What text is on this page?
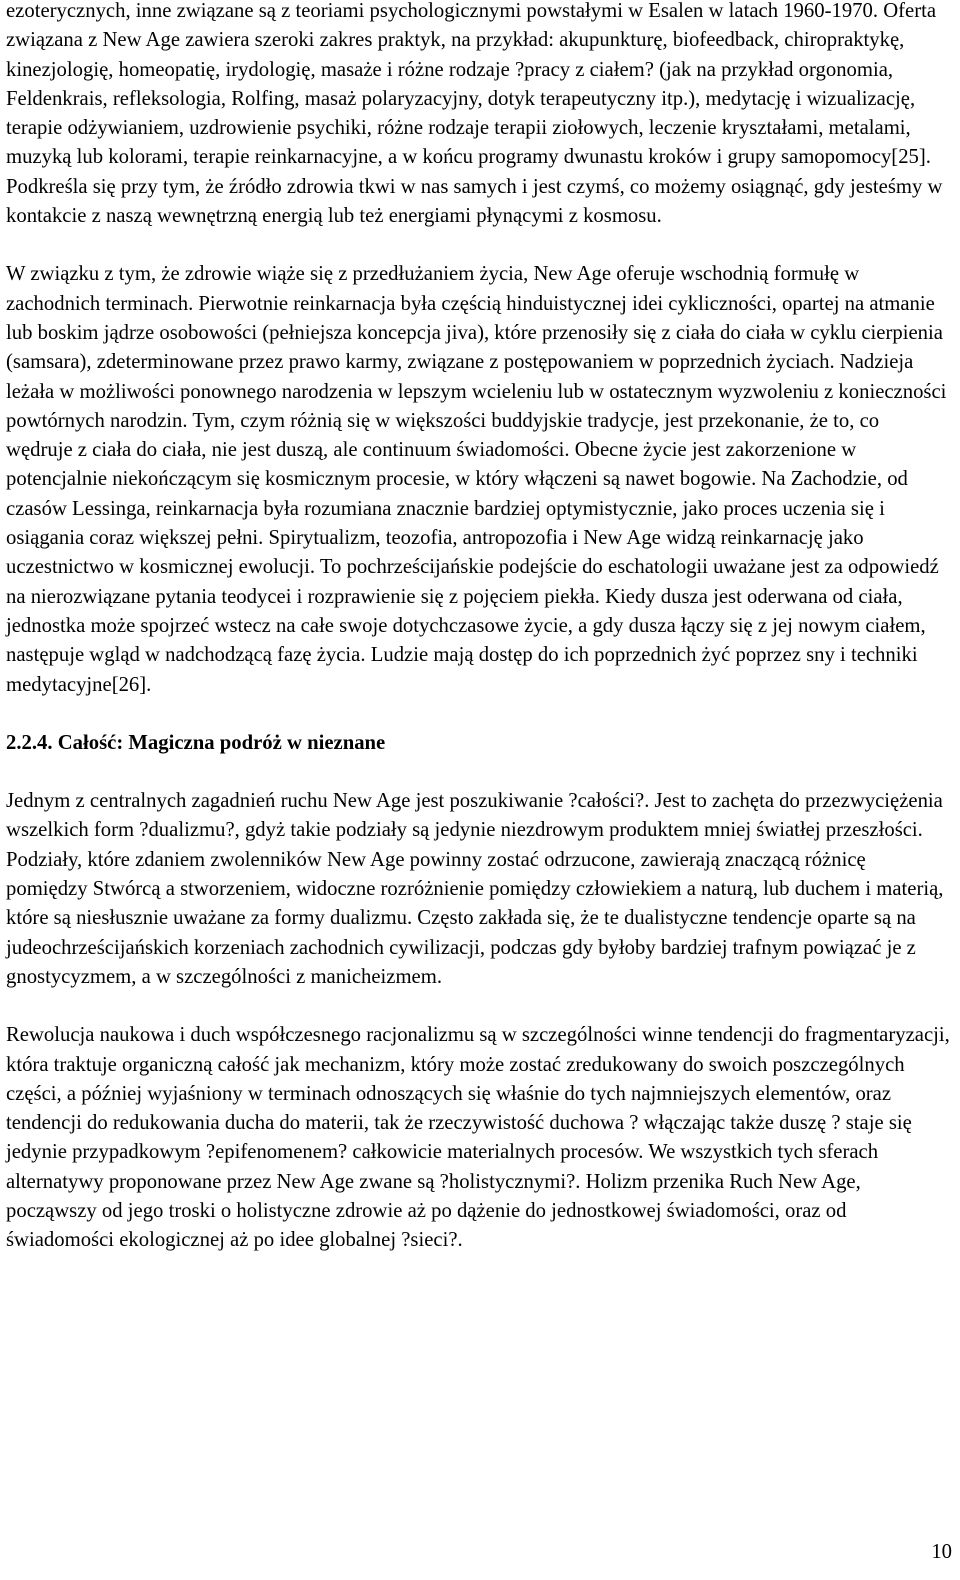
ezoterycznych, inne związane są z teoriami psychologicznymi powstałymi w Esalen w latach 1960-1970. Oferta związana z New Age zawiera szeroki zakres praktyk, na przykład: akupunkturę, biofeedback, chiropraktykę, kinezjologię, homeopatię, irydologię, masaże i różne rodzaje ?pracy z ciałem? (jak na przykład orgonomia, Feldenkrais, refleksologia, Rolfing, masaż polaryzacyjny, dotyk terapeutyczny itp.), medytację i wizualizację, terapie odżywianiem, uzdrowienie psychiki, różne rodzaje terapii ziołowych, leczenie kryształami, metalami, muzyką lub kolorami, terapie reinkarnacyjne, a w końcu programy dwunastu kroków i grupy samopomocy[25]. Podkreśla się przy tym, że źródło zdrowia tkwi w nas samych i jest czymś, co możemy osiągnąć, gdy jesteśmy w kontakcie z naszą wewnętrzną energią lub też energiami płynącymi z kosmosu.

W związku z tym, że zdrowie wiąże się z przedłużaniem życia, New Age oferuje wschodnią formułę w zachodnich terminach. Pierwotnie reinkarnacja była częścią hinduistycznej idei cykliczności, opartej na atmanie lub boskim jądrze osobowości (pełniejsza koncepcja jiva), które przenosiły się z ciała do ciała w cyklu cierpienia (samsara), zdeterminowane przez prawo karmy, związane z postępowaniem w poprzednich życiach. Nadzieja leżała w możliwości ponownego narodzenia w lepszym wcieleniu lub w ostatecznym wyzwoleniu z konieczności powtórnych narodzin. Tym, czym różnią się w większości buddyjskie tradycje, jest przekonanie, że to, co wędruje z ciała do ciała, nie jest duszą, ale continuum świadomości. Obecne życie jest zakorzenione w potencjalnie niekończącym się kosmicznym procesie, w który włączeni są nawet bogowie. Na Zachodzie, od czasów Lessinga, reinkarnacja była rozumiana znacznie bardziej optymistycznie, jako proces uczenia się i osiągania coraz większej pełni. Spirytualizm, teozofia, antropozofia i New Age widzą reinkarnację jako uczestnictwo w kosmicznej ewolucji. To pochrześcijańskie podejście do eschatologii uważane jest za odpowiedź na nierozwiązane pytania teodycei i rozprawienie się z pojęciem piekła. Kiedy dusza jest oderwana od ciała, jednostka może spojrzeć wstecz na całe swoje dotychczasowe życie, a gdy dusza łączy się z jej nowym ciałem, następuje wgląd w nadchodzącą fazę życia. Ludzie mają dostęp do ich poprzednich żyć poprzez sny i techniki medytacyjne[26].

2.2.4. Całość: Magiczna podróż w nieznane

Jednym z centralnych zagadnień ruchu New Age jest poszukiwanie ?całości?. Jest to zachęta do przezwyciężenia wszelkich form ?dualizmu?, gdyż takie podziały są jedynie niezdrowym produktem mniej światłej przeszłości. Podziały, które zdaniem zwolenników New Age powinny zostać odrzucone, zawierają znaczącą różnicę pomiędzy Stwórcą a stworzeniem, widoczne rozróżnienie pomiędzy człowiekiem a naturą, lub duchem i materią, które są niesłusznie uważane za formy dualizmu. Często zakłada się, że te dualistyczne tendencje oparte są na judeochrześcijańskich korzeniach zachodnich cywilizacji, podczas gdy byłoby bardziej trafnym powiązać je z gnostycyzmem, a w szczególności z manicheizmem.

Rewolucja naukowa i duch współczesnego racjonalizmu są w szczególności winne tendencji do fragmentaryzacji, która traktuje organiczną całość jak mechanizm, który może zostać zredukowany do swoich poszczególnych części, a później wyjaśniony w terminach odnoszących się właśnie do tych najmniejszych elementów, oraz tendencji do redukowania ducha do materii, tak że rzeczywistość duchowa ? włączając także duszę ? staje się jedynie przypadkowym ?epifenomenem? całkowicie materialnych procesów. We wszystkich tych sferach alternatywy proponowane przez New Age zwane są ?holistycznymi?. Holizm przenika Ruch New Age, począwszy od jego troski o holistyczne zdrowie aż po dążenie do jednostkowej świadomości, oraz od świadomości ekologicznej aż po idee globalnej ?sieci?.

10
